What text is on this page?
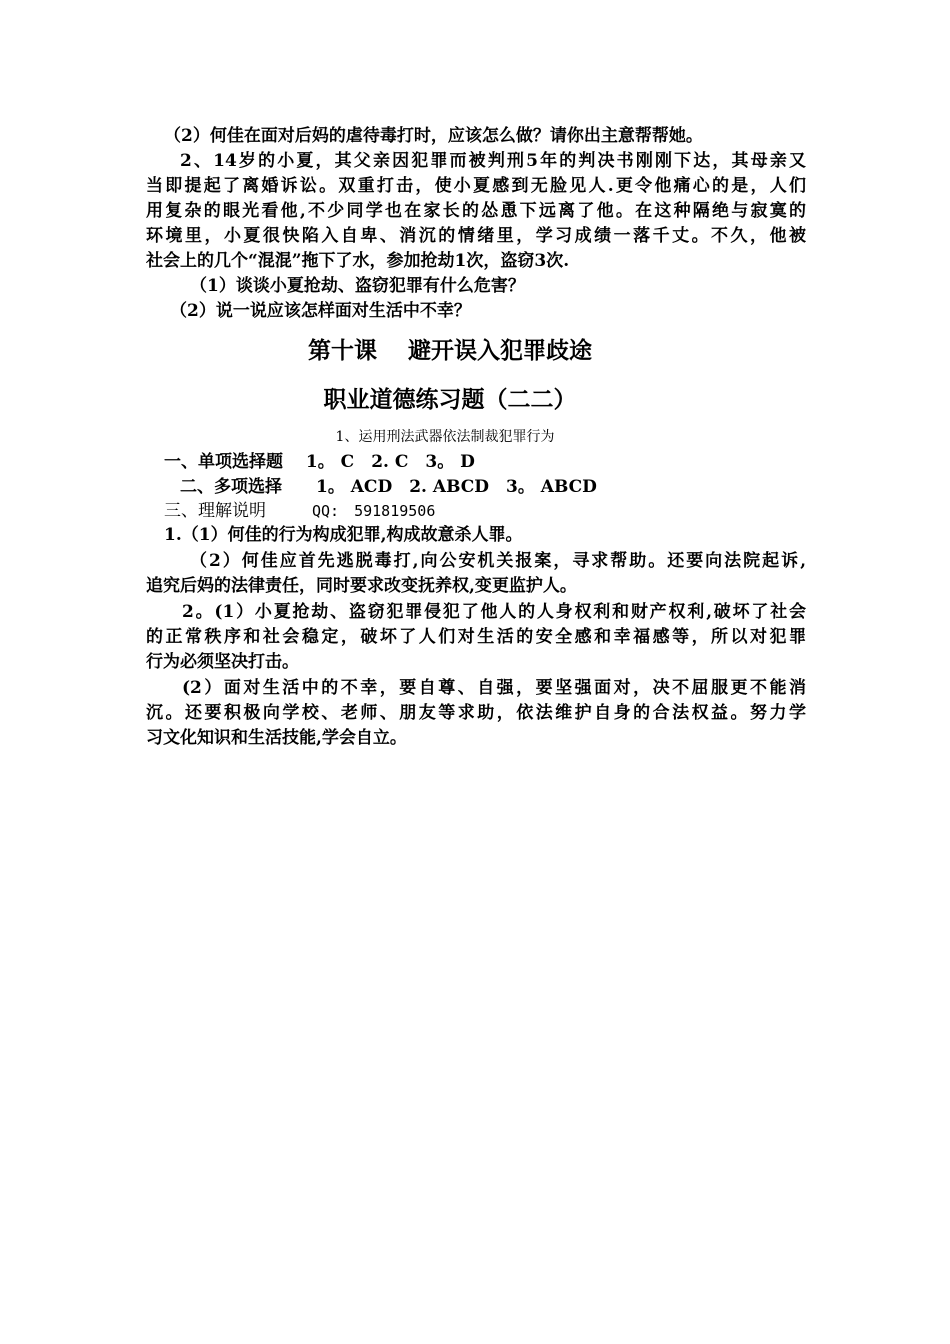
（2）何佳在面对后妈的虐待毒打时，应该怎么做？请你出主意帮帮她。
2、14岁的小夏，其父亲因犯罪而被判刑5年的判决书刚刚下达，其母亲又
当即提起了离婚诉讼。双重打击，使小夏感到无脸见人.更令他痛心的是，人们
用复杂的眼光看他,不少同学也在家长的怂恿下远离了他。在这种隔绝与寂寞的
环境里，小夏很快陷入自卑、消沉的情绪里，学习成绩一落千丈。不久，他被
社会上的几个“混混”拖下了水，参加抢劫1次，盗窃3次.
（1）谈谈小夏抢劫、盗窃犯罪有什么危害？
（2）说一说应该怎样面对生活中不幸？
第十课　 避开误入犯罪歧途
职业道德练习题（二二）
1、运用刑法武器依法制裁犯罪行为
一、单项选择题　 1。 C　2. C　3。 D
二、多项选择　　1。 ACD　2. ABCD　3。 ABCD
三、理解说明	QQ:　591819506
1.（1）何佳的行为构成犯罪,构成故意杀人罪。
（2）何佳应首先逃脱毒打,向公安机关报案，寻求帮助。还要向法院起诉,
追究后妈的法律责任，同时要求改变抚养权,变更监护人。
2。(1）小夏抢劫、盗窃犯罪侵犯了他人的人身权利和财产权利,破坏了社会
的正常秩序和社会稳定，破坏了人们对生活的安全感和幸福感等，所以对犯罪
行为必须坚决打击。
(2）面对生活中的不幸，要自尊、自强，要坚强面对，决不屈服更不能消
沉。还要积极向学校、老师、朋友等求助，依法维护自身的合法权益。努力学
习文化知识和生活技能,学会自立。
